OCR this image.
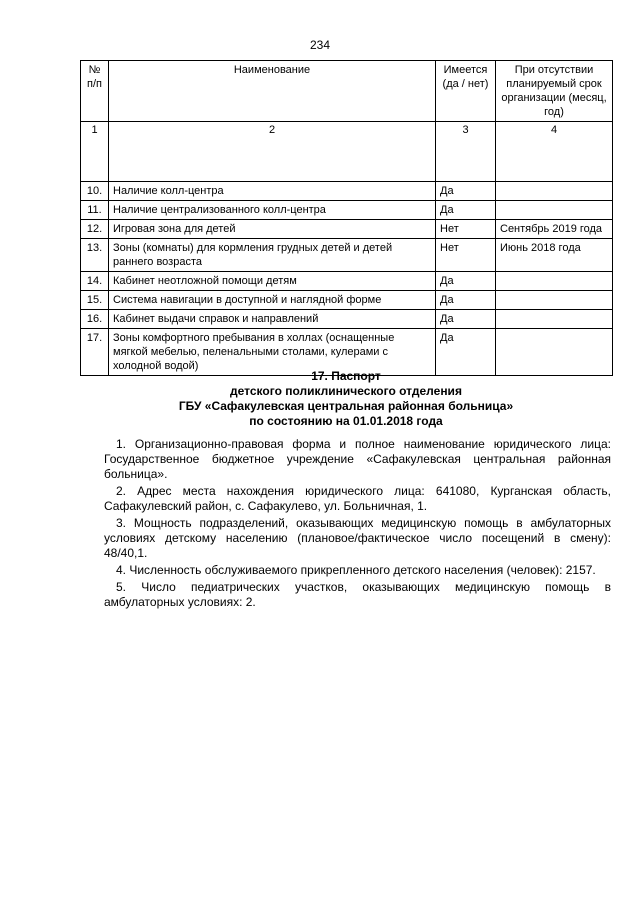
234
№ п/п	Наименование	Имеется (да / нет)	При отсутствии планируемый срок организации (месяц, год)
1	2	3	4
10.	Наличие колл-центра	Да	
11.	Наличие централизованного колл-центра	Да	
12.	Игровая зона для детей	Нет	Сентябрь 2019 года
13.	Зоны (комнаты) для кормления грудных детей и детей раннего возраста	Нет	Июнь 2018 года
14.	Кабинет неотложной помощи детям	Да	
15.	Система навигации в доступной и наглядной форме	Да	
16.	Кабинет выдачи справок и направлений	Да	
17.	Зоны комфортного пребывания в холлах (оснащенные мягкой мебелью, пеленальными столами, кулерами с холодной водой)	Да	
17. Паспорт
детского поликлинического отделения
ГБУ «Сафакулевская центральная районная больница»
по состоянию на 01.01.2018 года

1. Организационно-правовая форма и полное наименование юридического лица: Государственное бюджетное учреждение «Сафакулевская центральная районная больница».

2. Адрес места нахождения юридического лица: 641080, Курганская область, Сафакулевский район, с. Сафакулево, ул. Больничная, 1.

3. Мощность подразделений, оказывающих медицинскую помощь в амбулаторных условиях детскому населению (плановое/фактическое число посещений в смену): 48/40,1.

4. Численность обслуживаемого прикрепленного детского населения (человек): 2157.

5. Число педиатрических участков, оказывающих медицинскую помощь в амбулаторных условиях: 2.
